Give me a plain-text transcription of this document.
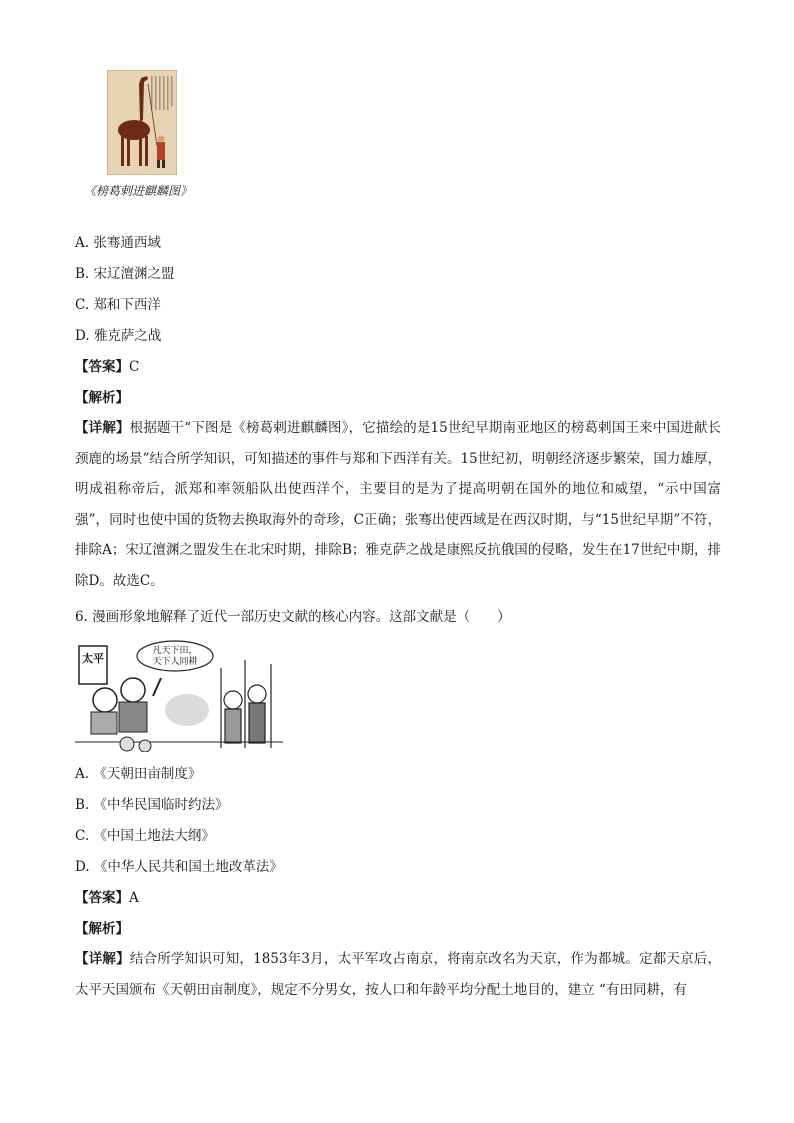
《榜葛剌进麒麟图》
A. 张骞通西域
B. 宋辽澶渊之盟
C. 郑和下西洋
D. 雅克萨之战
【答案】C
【解析】
【详解】根据题干“下图是《榜葛剌进麒麟图》，它描绘的是15世纪早期南亚地区的榜葛剌国王来中国进献长颈鹿的场景”结合所学知识，可知描述的事件与郑和下西洋有关。15世纪初，明朝经济逐步繁荣，国力雄厚，明成祖称帝后，派郑和率领船队出使西洋个，主要目的是为了提高明朝在国外的地位和威望，“示中国富强”，同时也使中国的货物去换取海外的奇珍，C正确；张骞出使西域是在西汉时期，与“15世纪早期”不符，排除A；宋辽澶渊之盟发生在北宋时期，排除B；雅克萨之战是康熙反抗俄国的侵略，发生在17世纪中期，排除D。故选C。
6. 漫画形象地解释了近代一部历史文献的核心内容。这部文献是（　　）
太平
凡天下田，
天下人同耕
A. 《天朝田亩制度》
B. 《中华民国临时约法》
C. 《中国土地法大纲》
D. 《中华人民共和国土地改革法》
【答案】A
【解析】
【详解】结合所学知识可知，1853年3月，太平军攻占南京，将南京改名为天京，作为都城。定都天京后，太平天国颁布《天朝田亩制度》，规定不分男女，按人口和年龄平均分配土地目的，建立 “有田同耕，有
